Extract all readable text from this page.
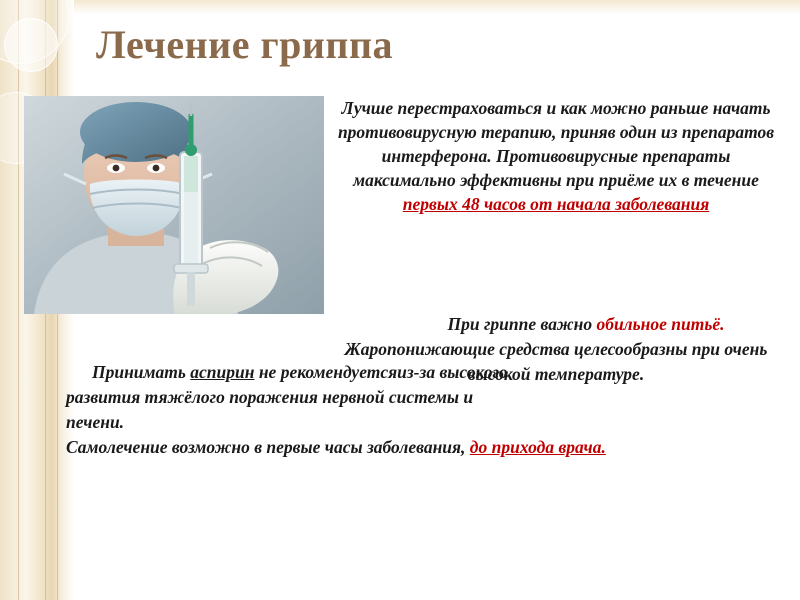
Лечение гриппа
Лучше перестраховаться и как можно раньше начать противовирусную терапию, приняв один из препаратов интерферона. Противовирусные препараты максимально эффективны при приёме их в течение первых 48 часов от начала заболевания
При гриппе важно обильное питьё. Жаропонижающие средства целесообразны при очень высокой температуре.
Принимать аспирин не рекомендуетсяиз-за высокого
развития тяжёлого поражения нервной системы и
печени.
Самолечение возможно в первые часы заболевания, до прихода врача.
